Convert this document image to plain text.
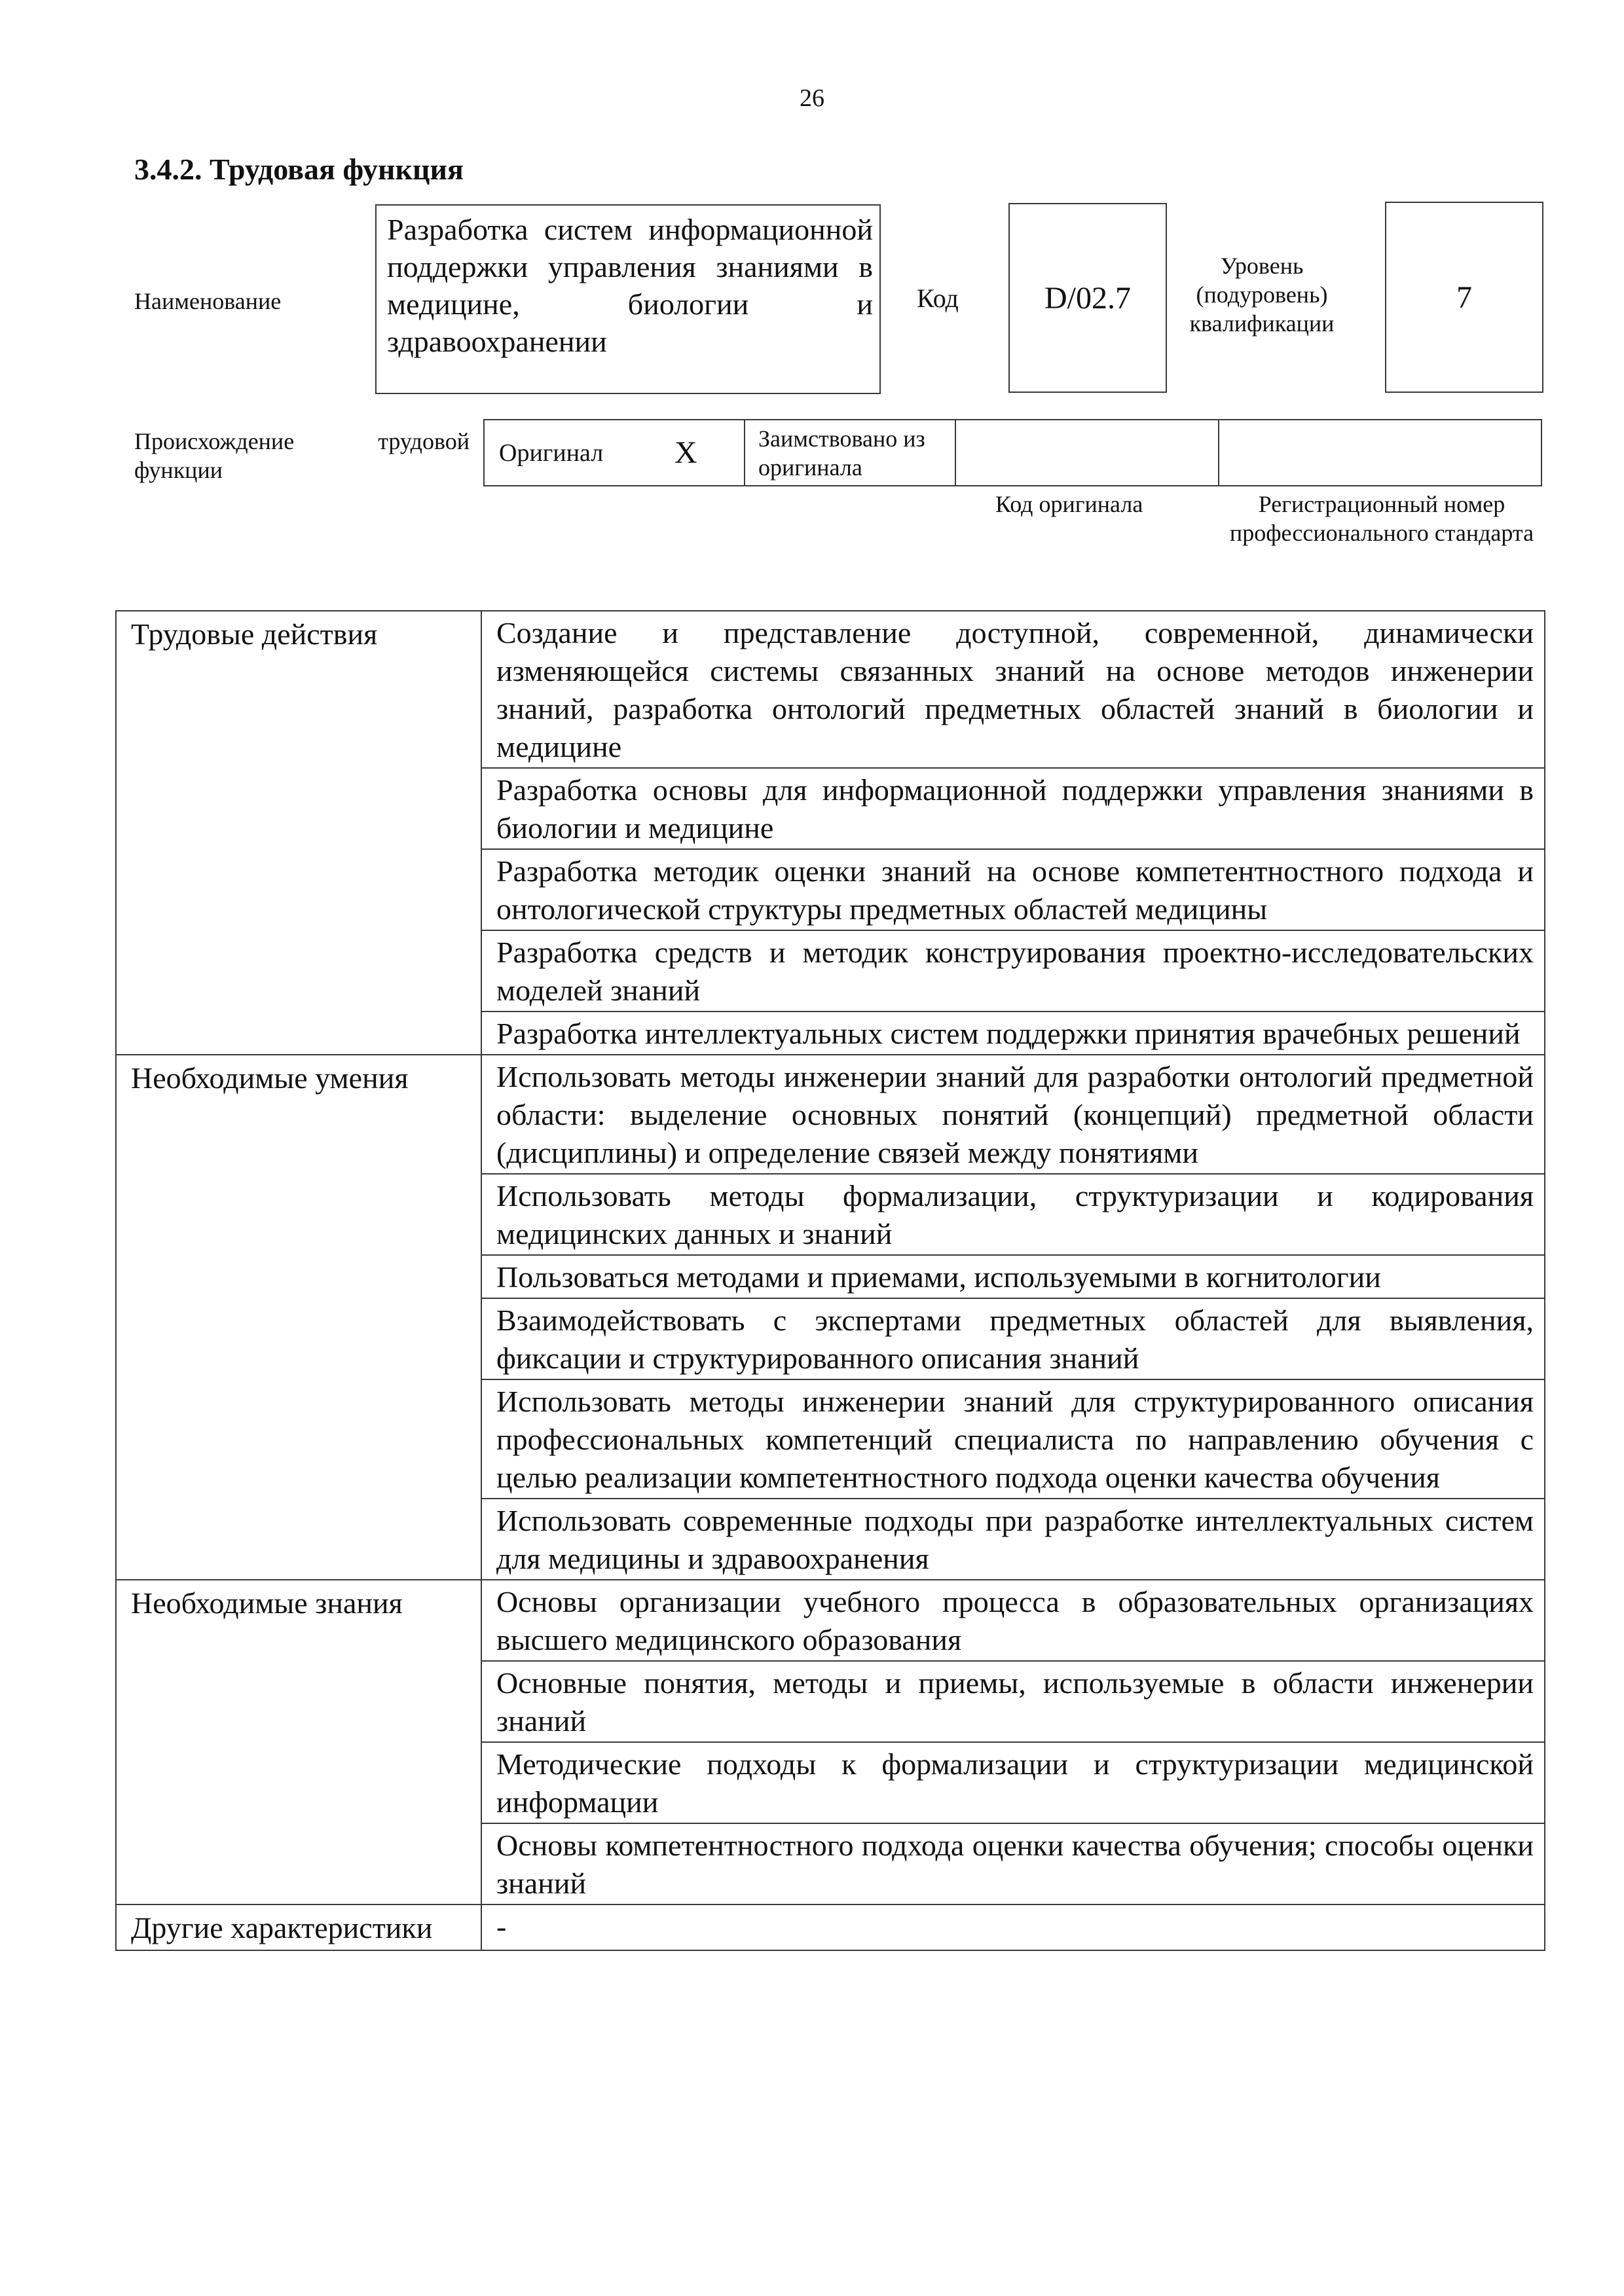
26
3.4.2. Трудовая функция
Наименование
Разработка систем информационной поддержки управления знаниями в медицине, биологии и здравоохранении
Код	D/02.7
Уровень (подуровень) квалификации
7
Происхождение трудовой
функции
Оригинал X	Заимствовано из оригинала
Код оригинала	Регистрационный номер профессионального стандарта
Трудовые действия	Создание и представление доступной, современной, динамически изменяющейся системы связанных знаний на основе методов инженерии знаний, разработка онтологий предметных областей знаний в биологии и медицине
	Разработка основы для информационной поддержки управления знаниями в биологии и медицине
	Разработка методик оценки знаний на основе компетентностного подхода и онтологической структуры предметных областей медицины
	Разработка средств и методик конструирования проектно-исследовательских моделей знаний
	Разработка интеллектуальных систем поддержки принятия врачебных решений
Необходимые умения	Использовать методы инженерии знаний для разработки онтологий предметной области: выделение основных понятий (концепций) предметной области (дисциплины) и определение связей между понятиями
	Использовать методы формализации, структуризации и кодирования медицинских данных и знаний
	Пользоваться методами и приемами, используемыми в когнитологии
	Взаимодействовать с экспертами предметных областей для выявления, фиксации и структурированного описания знаний
	Использовать методы инженерии знаний для структурированного описания профессиональных компетенций специалиста по направлению обучения с целью реализации компетентностного подхода оценки качества обучения
	Использовать современные подходы при разработке интеллектуальных систем для медицины и здравоохранения
Необходимые знания	Основы организации учебного процесса в образовательных организациях высшего медицинского образования
	Основные понятия, методы и приемы, используемые в области инженерии знаний
	Методические подходы к формализации и структуризации медицинской информации
	Основы компетентностного подхода оценки качества обучения; способы оценки знаний
Другие характеристики	-
